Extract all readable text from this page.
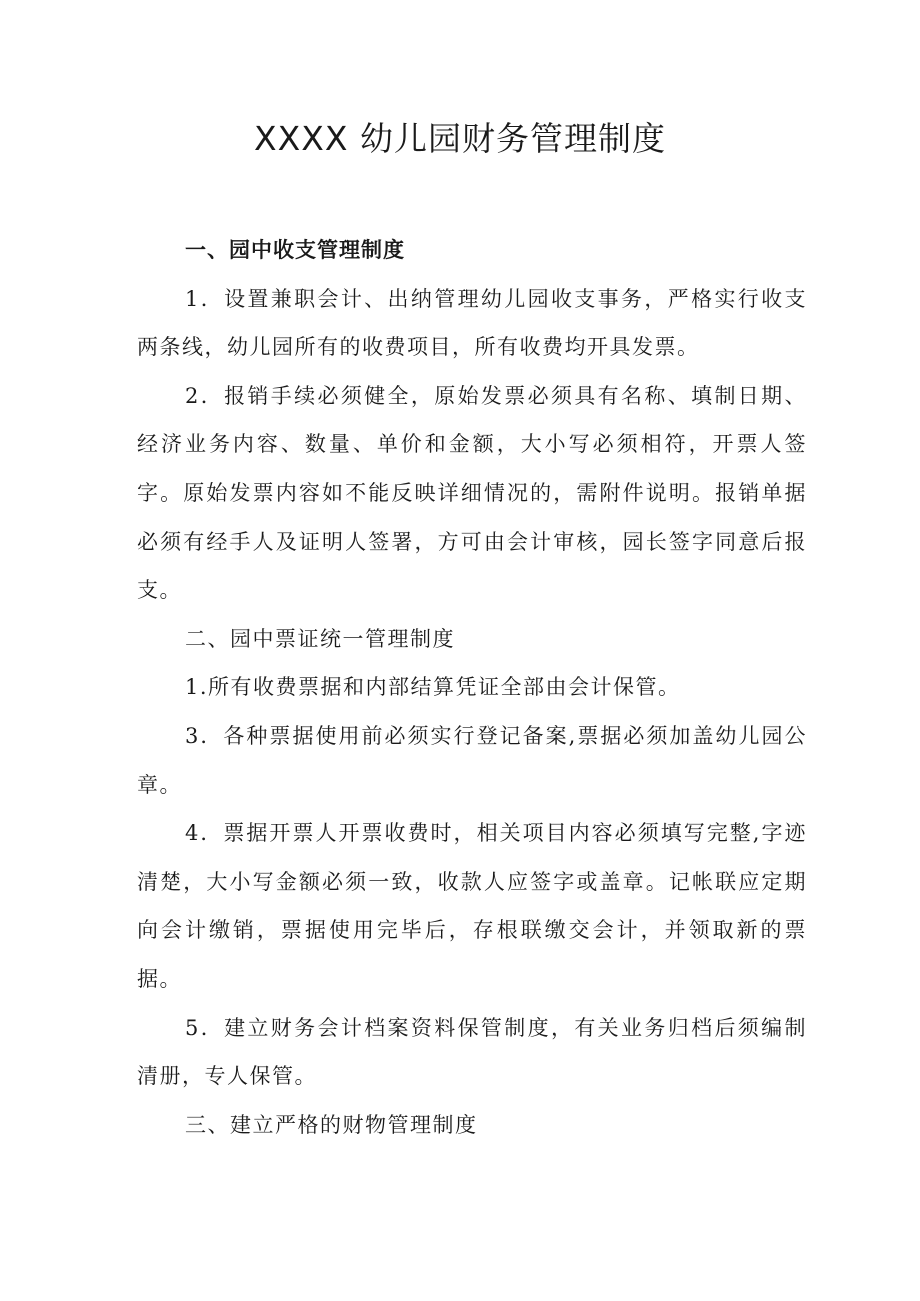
XXXX 幼儿园财务管理制度

一、园中收支管理制度

1．设置兼职会计、出纳管理幼儿园收支事务，严格实行收支两条线，幼儿园所有的收费项目，所有收费均开具发票。

2．报销手续必须健全，原始发票必须具有名称、填制日期、经济业务内容、数量、单价和金额，大小写必须相符，开票人签字。原始发票内容如不能反映详细情况的，需附件说明。报销单据必须有经手人及证明人签署，方可由会计审核，园长签字同意后报支。

二、园中票证统一管理制度

1.所有收费票据和内部结算凭证全部由会计保管。

3．各种票据使用前必须实行登记备案,票据必须加盖幼儿园公章。

4．票据开票人开票收费时，相关项目内容必须填写完整,字迹清楚，大小写金额必须一致，收款人应签字或盖章。记帐联应定期向会计缴销，票据使用完毕后，存根联缴交会计，并领取新的票据。

5．建立财务会计档案资料保管制度，有关业务归档后须编制清册，专人保管。

三、建立严格的财物管理制度
